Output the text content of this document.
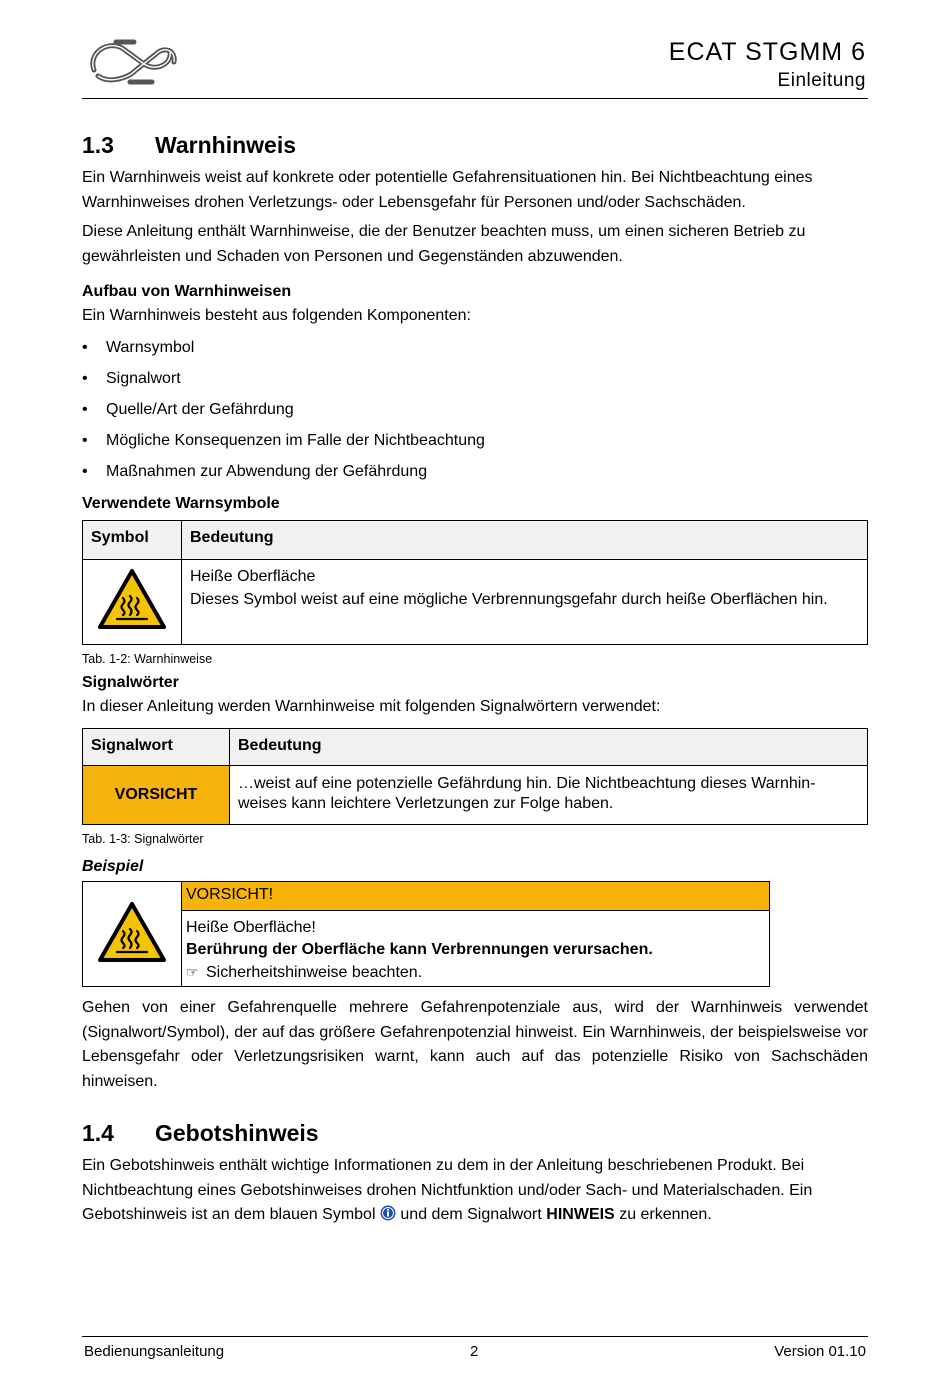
ECAT STGMM 6
Einleitung
1.3	Warnhinweis

Ein Warnhinweis weist auf konkrete oder potentielle Gefahrensituationen hin. Bei Nichtbeachtung eines Warnhinweises drohen Verletzungs- oder Lebensgefahr für Personen und/oder Sachschäden.

Diese Anleitung enthält Warnhinweise, die der Benutzer beachten muss, um einen sicheren Betrieb zu gewährleisten und Schaden von Personen und Gegenständen abzuwenden.

Aufbau von Warnhinweisen

Ein Warnhinweis besteht aus folgenden Komponenten:

• Warnsymbol
• Signalwort
• Quelle/Art der Gefährdung
• Mögliche Konsequenzen im Falle der Nichtbeachtung
• Maßnahmen zur Abwendung der Gefährdung
Verwendete Warnsymbole
Symbol	Bedeutung

Heiße Oberfläche
Dieses Symbol weist auf eine mögliche Verbrennungsgefahr durch heiße Oberflächen hin.
Tab. 1-2: Warnhinweise
Signalwörter

In dieser Anleitung werden Warnhinweise mit folgenden Signalwörtern verwendet:

Signalwort	Bedeutung
VORSICHT	…weist auf eine potenzielle Gefährdung hin. Die Nichtbeachtung dieses Warnhin-
weises kann leichtere Verletzungen zur Folge haben.
Tab. 1-3: Signalwörter
Beispiel
	VORSICHT!

Heiße Oberfläche!
Berührung der Oberfläche kann Verbrennungen verursachen.
☞ Sicherheitshinweise beachten.

Gehen von einer Gefahrenquelle mehrere Gefahrenpotenziale aus, wird der Warnhinweis verwendet (Signalwort/Symbol), der auf das größere Gefahrenpotenzial hinweist. Ein Warnhinweis, der beispielsweise vor Lebensgefahr oder Verletzungsrisiken warnt, kann auch auf das potenzielle Risiko von Sachschäden hinweisen.

1.4	Gebotshinweis

Ein Gebotshinweis enthält wichtige Informationen zu dem in der Anleitung beschriebenen Produkt. Bei Nichtbeachtung eines Gebotshinweises drohen Nichtfunktion und/oder Sach- und Materialschaden. Ein Gebotshinweis ist an dem blauen Symbol und dem Signalwort HINWEIS zu erkennen.

Bedienungsanleitung	2	Version 01.10
